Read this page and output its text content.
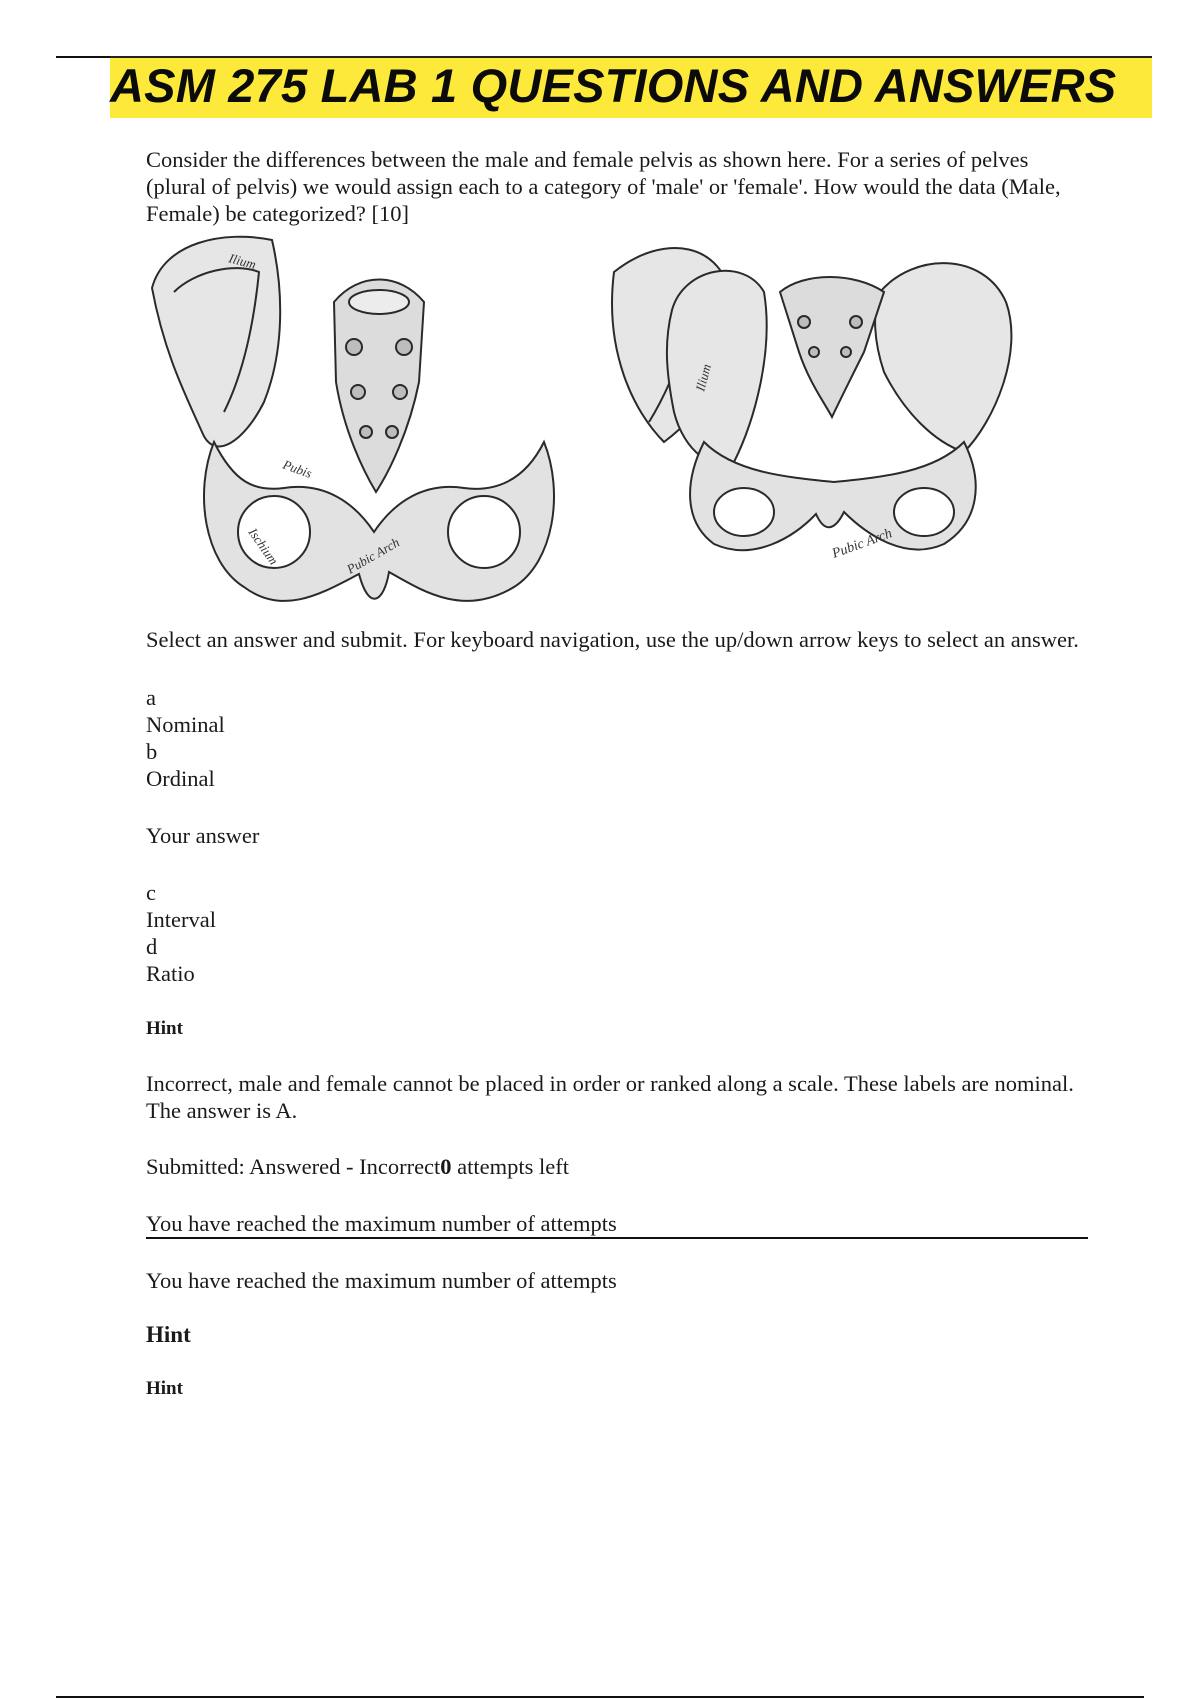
ASM 275 LAB 1 QUESTIONS AND ANSWERS
Consider the differences between the male and female pelvis as shown here. For a series of pelves (plural of pelvis) we would assign each to a category of 'male' or 'female'. How would the data (Male, Female) be categorized? [10]
Ilium
Pubis
Ischium	Pubic Arch
Ilium
Pubic Arch
Select an answer and submit. For keyboard navigation, use the up/down arrow keys to select an answer.
a
Nominal
b
Ordinal
Your answer
c
Interval
d
Ratio
Hint
Incorrect, male and female cannot be placed in order or ranked along a scale. These labels are nominal. The answer is A.
Submitted: Answered - Incorrect0 attempts left
You have reached the maximum number of attempts
You have reached the maximum number of attempts
Hint
Hint
